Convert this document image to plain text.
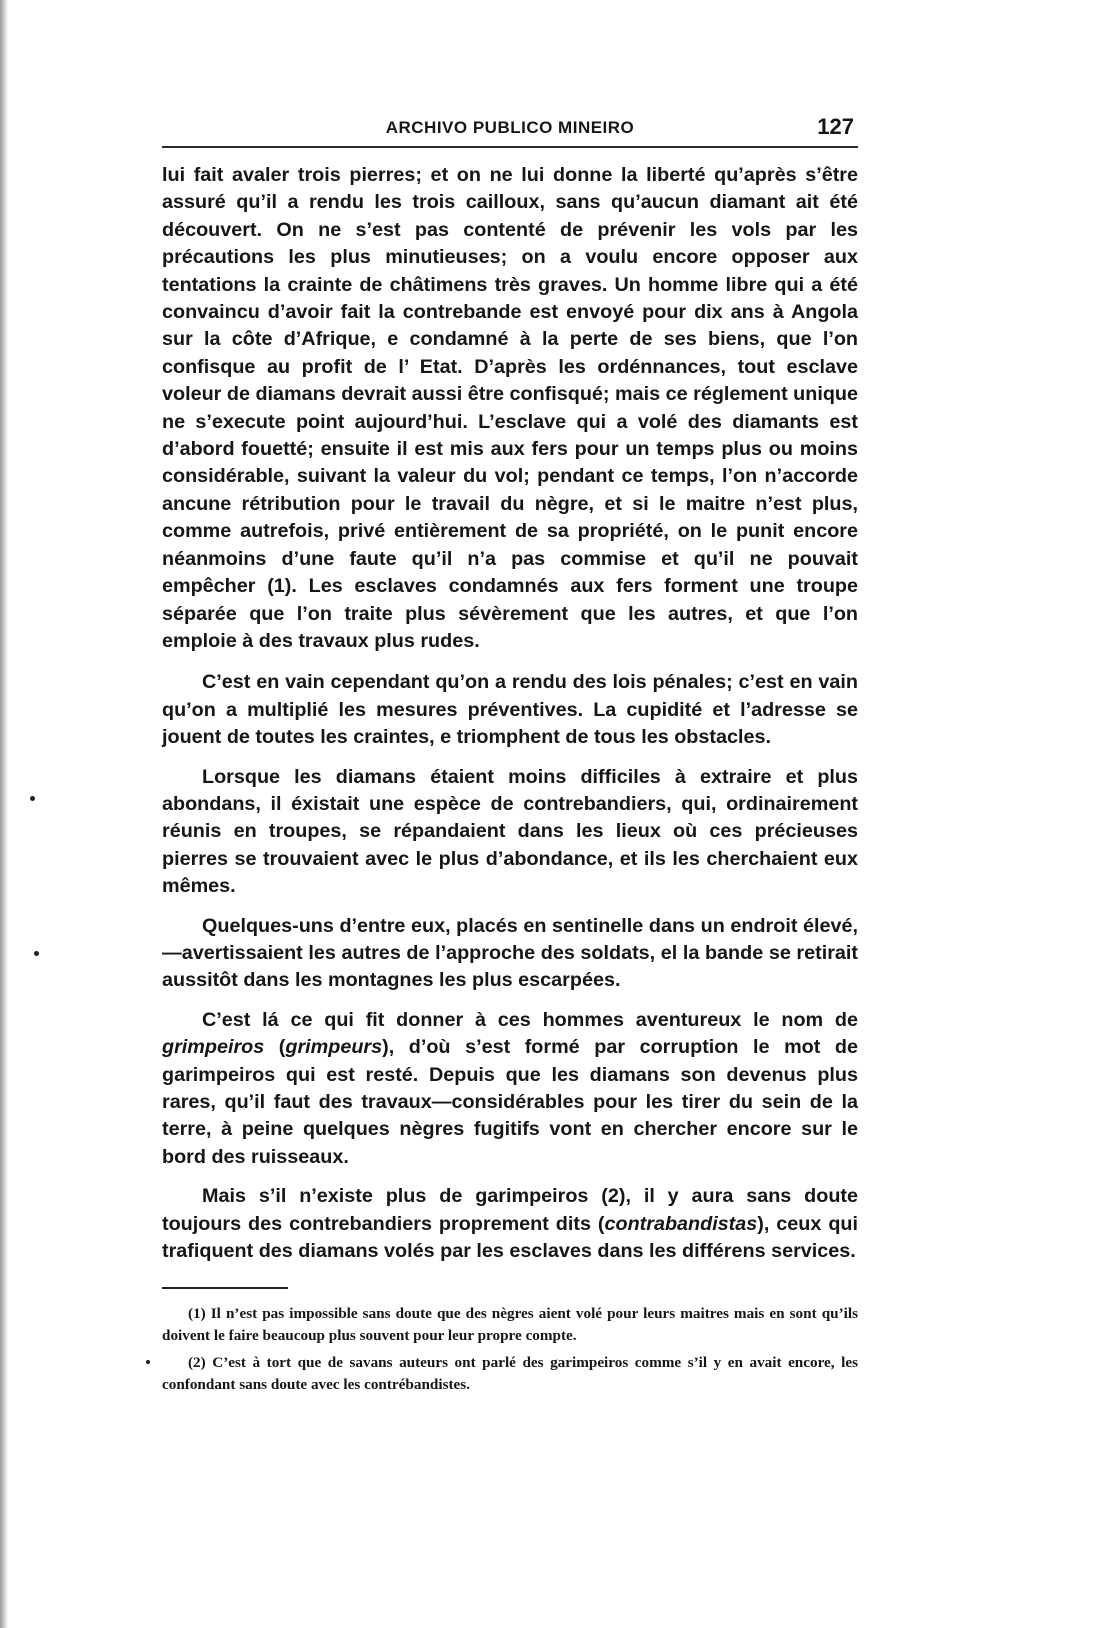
ARCHIVO PUBLICO MINEIRO	127

lui fait avaler trois pierres; et on ne lui donne la liberté qu’après s’être assuré qu’il a rendu les trois cailloux, sans qu’aucun diamant ait été découvert. On ne s’est pas contenté de prévenir les vols par les précautions les plus minutieuses; on a voulu encore opposer aux tentations la crainte de châtimens très graves. Un homme libre qui a été convaincu d’avoir fait la contrebande est envoyé pour dix ans à Angola sur la côte d’Afrique, e condamné à la perte de ses biens, que l’on confisque au profit de l’ Etat. D’après les ordénnances, tout esclave voleur de diamans devrait aussi être confisqué; mais ce réglement unique ne s’execute point aujourd’hui. L’esclave qui a volé des diamants est d’abord fouetté; ensuite il est mis aux fers pour un temps plus ou moins considérable, suivant la valeur du vol; pendant ce temps, l’on n’accorde ancune rétribution pour le travail du nègre, et si le maitre n’est plus, comme autrefois, privé entièrement de sa propriété, on le punit encore néanmoins d’une faute qu’il n’a pas commise et qu’il ne pouvait empêcher (1). Les esclaves condamnés aux fers forment une troupe séparée que l’on traite plus sévèrement que les autres, et que l’on emploie à des travaux plus rudes.

C’est en vain cependant qu’on a rendu des lois pénales; c’est en vain qu’on a multiplié les mesures préventives. La cupidité et l’adresse se jouent de toutes les craintes, e triomphent de tous les obstacles.

Lorsque les diamans étaient moins difficiles à extraire et plus abondans, il éxistait une espèce de contrebandiers, qui, ordinairement réunis en troupes, se répandaient dans les lieux où ces précieuses pierres se trouvaient avec le plus d’abondance, et ils les cherchaient eux mêmes.

Quelques-uns d’entre eux, placés en sentinelle dans un endroit élevé,—avertissaient les autres de l’approche des soldats, el la bande se retirait aussitôt dans les montagnes les plus escarpées.

C’est lá ce qui fit donner à ces hommes aventureux le nom de grimpeiros (grimpeurs), d’où s’est formé par corruption le mot de garimpeiros qui est resté. Depuis que les diamans son devenus plus rares, qu’il faut des travaux—considérables pour les tirer du sein de la terre, à peine quelques nègres fugitifs vont en chercher encore sur le bord des ruisseaux.

Mais s’il n’existe plus de garimpeiros (2), il y aura sans doute toujours des contrebandiers proprement dits (contrabandistas), ceux qui trafiquent des diamans volés par les esclaves dans les différens services.

(1) Il n’est pas impossible sans doute que des nègres aient volé pour leurs maitres mais en sont qu’ils doivent le faire beaucoup plus souvent pour leur propre compte.

(2) C’est à tort que de savans auteurs ont parlé des garimpeiros comme s’il y en avait encore, les confondant sans doute avec les contrébandistes.
